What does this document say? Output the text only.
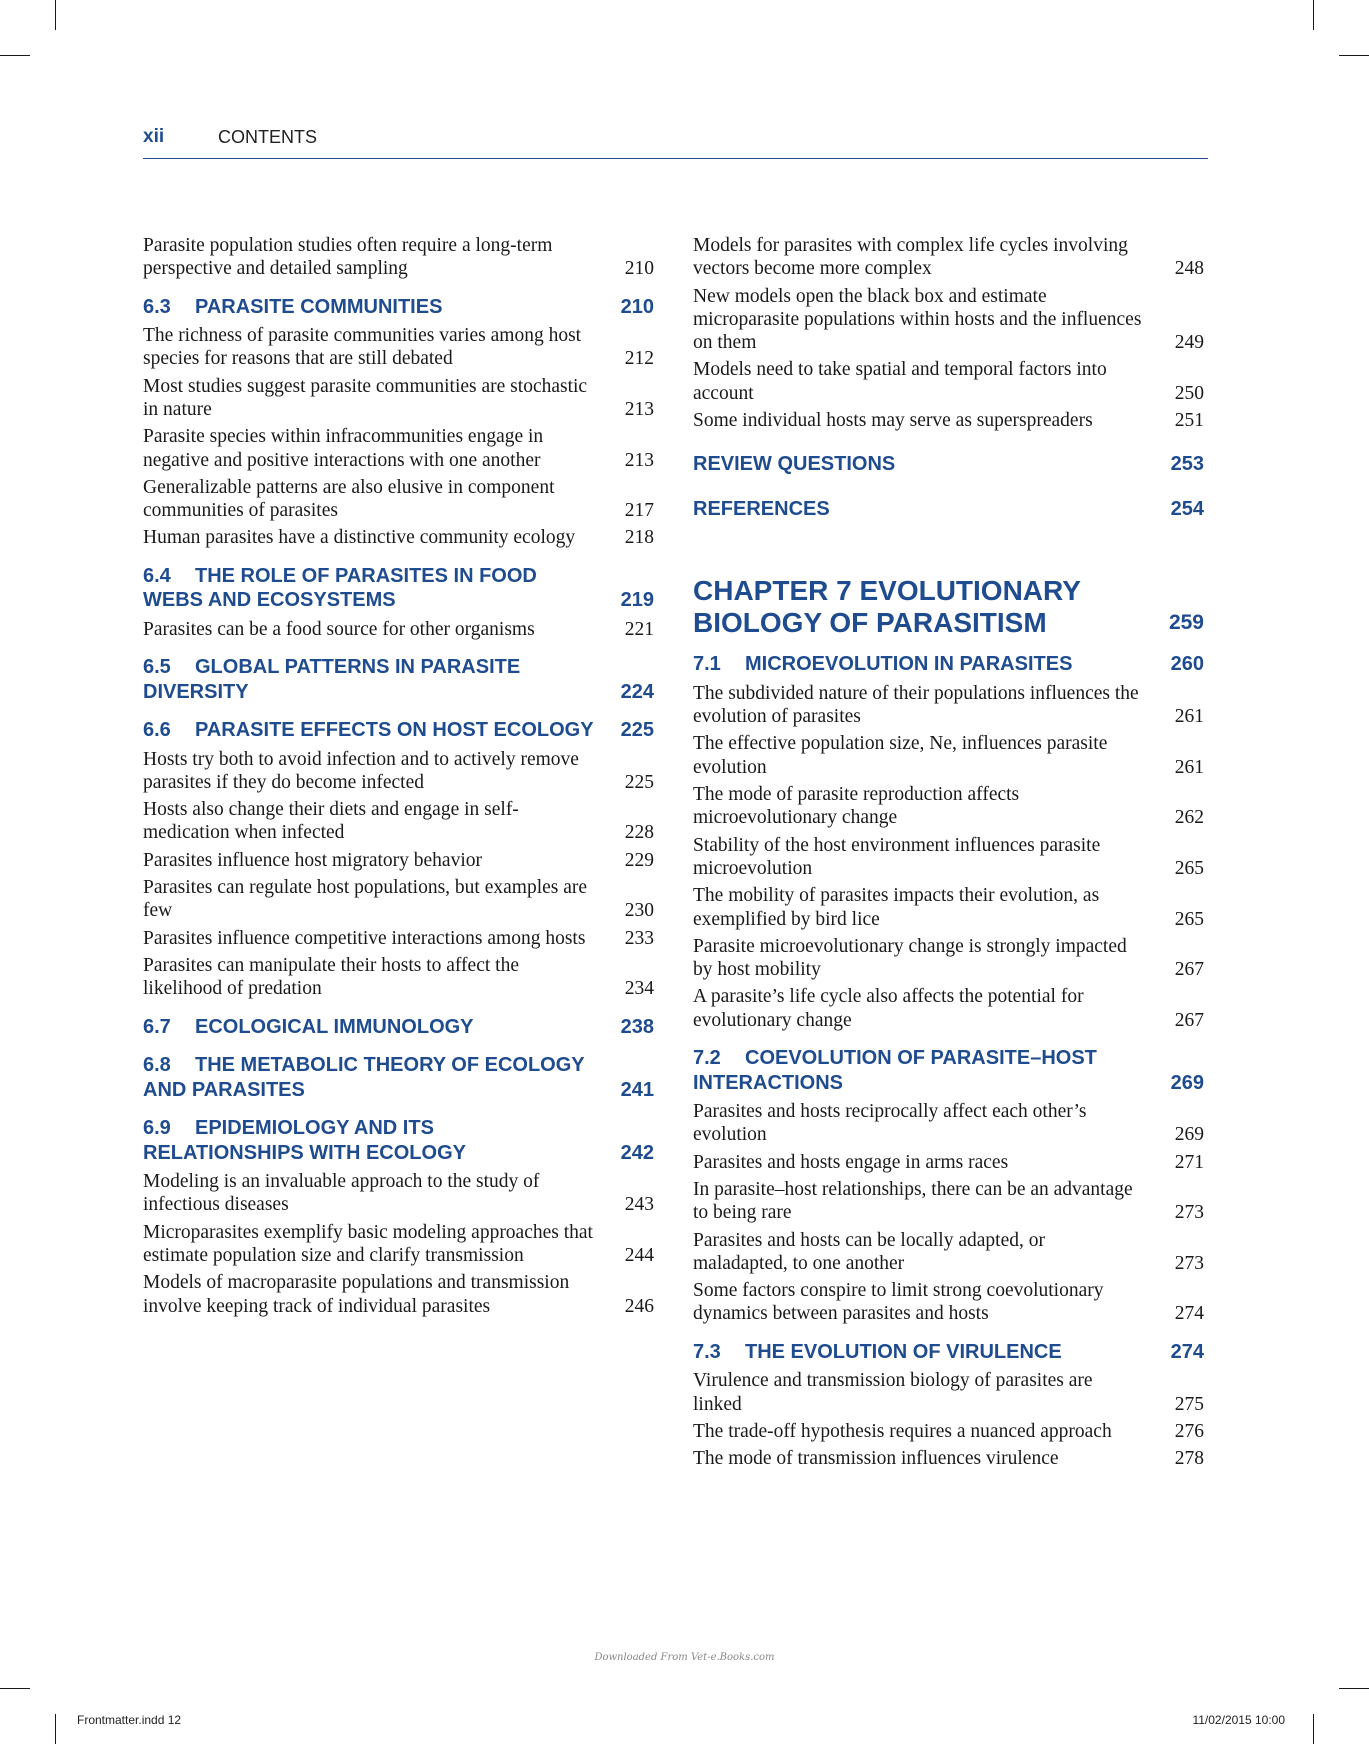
xii	CONTENTS
Parasite population studies often require a long-term perspective and detailed sampling	210
6.3 PARASITE COMMUNITIES	210
The richness of parasite communities varies among host species for reasons that are still debated	212
Most studies suggest parasite communities are stochastic in nature	213
Parasite species within infracommunities engage in negative and positive interactions with one another	213
Generalizable patterns are also elusive in component communities of parasites	217
Human parasites have a distinctive community ecology	218
6.4 THE ROLE OF PARASITES IN FOOD WEBS AND ECOSYSTEMS	219
Parasites can be a food source for other organisms	221
6.5 GLOBAL PATTERNS IN PARASITE DIVERSITY	224
6.6 PARASITE EFFECTS ON HOST ECOLOGY 225
Hosts try both to avoid infection and to actively remove parasites if they do become infected	225
Hosts also change their diets and engage in self-medication when infected	228
Parasites influence host migratory behavior	229
Parasites can regulate host populations, but examples are few	230
Parasites influence competitive interactions among hosts 233
Parasites can manipulate their hosts to affect the likelihood of predation	234
6.7 ECOLOGICAL IMMUNOLOGY	238
6.8 THE METABOLIC THEORY OF ECOLOGY AND PARASITES	241
6.9 EPIDEMIOLOGY AND ITS RELATIONSHIPS WITH ECOLOGY	242
Modeling is an invaluable approach to the study of infectious diseases	243
Microparasites exemplify basic modeling approaches that estimate population size and clarify transmission	244
Models of macroparasite populations and transmission involve keeping track of individual parasites	246
Models for parasites with complex life cycles involving vectors become more complex	248
New models open the black box and estimate microparasite populations within hosts and the influences on them	249
Models need to take spatial and temporal factors into account	250
Some individual hosts may serve as superspreaders	251
REVIEW QUESTIONS	253
REFERENCES	254
CHAPTER 7 EVOLUTIONARY BIOLOGY OF PARASITISM	259
7.1 MICROEVOLUTION IN PARASITES	260
The subdivided nature of their populations influences the evolution of parasites	261
The effective population size, Ne, influences parasite evolution	261
The mode of parasite reproduction affects microevolutionary change	262
Stability of the host environment influences parasite microevolution	265
The mobility of parasites impacts their evolution, as exemplified by bird lice	265
Parasite microevolutionary change is strongly impacted by host mobility	267
A parasite’s life cycle also affects the potential for evolutionary change	267
7.2 COEVOLUTION OF PARASITE–HOST INTERACTIONS	269
Parasites and hosts reciprocally affect each other’s evolution	269
Parasites and hosts engage in arms races	271
In parasite–host relationships, there can be an advantage to being rare	273
Parasites and hosts can be locally adapted, or maladapted, to one another	273
Some factors conspire to limit strong coevolutionary dynamics between parasites and hosts	274
7.3 THE EVOLUTION OF VIRULENCE	274
Virulence and transmission biology of parasites are linked	275
The trade-off hypothesis requires a nuanced approach	276
The mode of transmission influences virulence	278
Downloaded From Vet-e.Books.com
Frontmatter.indd 12	11/02/2015 10:00
